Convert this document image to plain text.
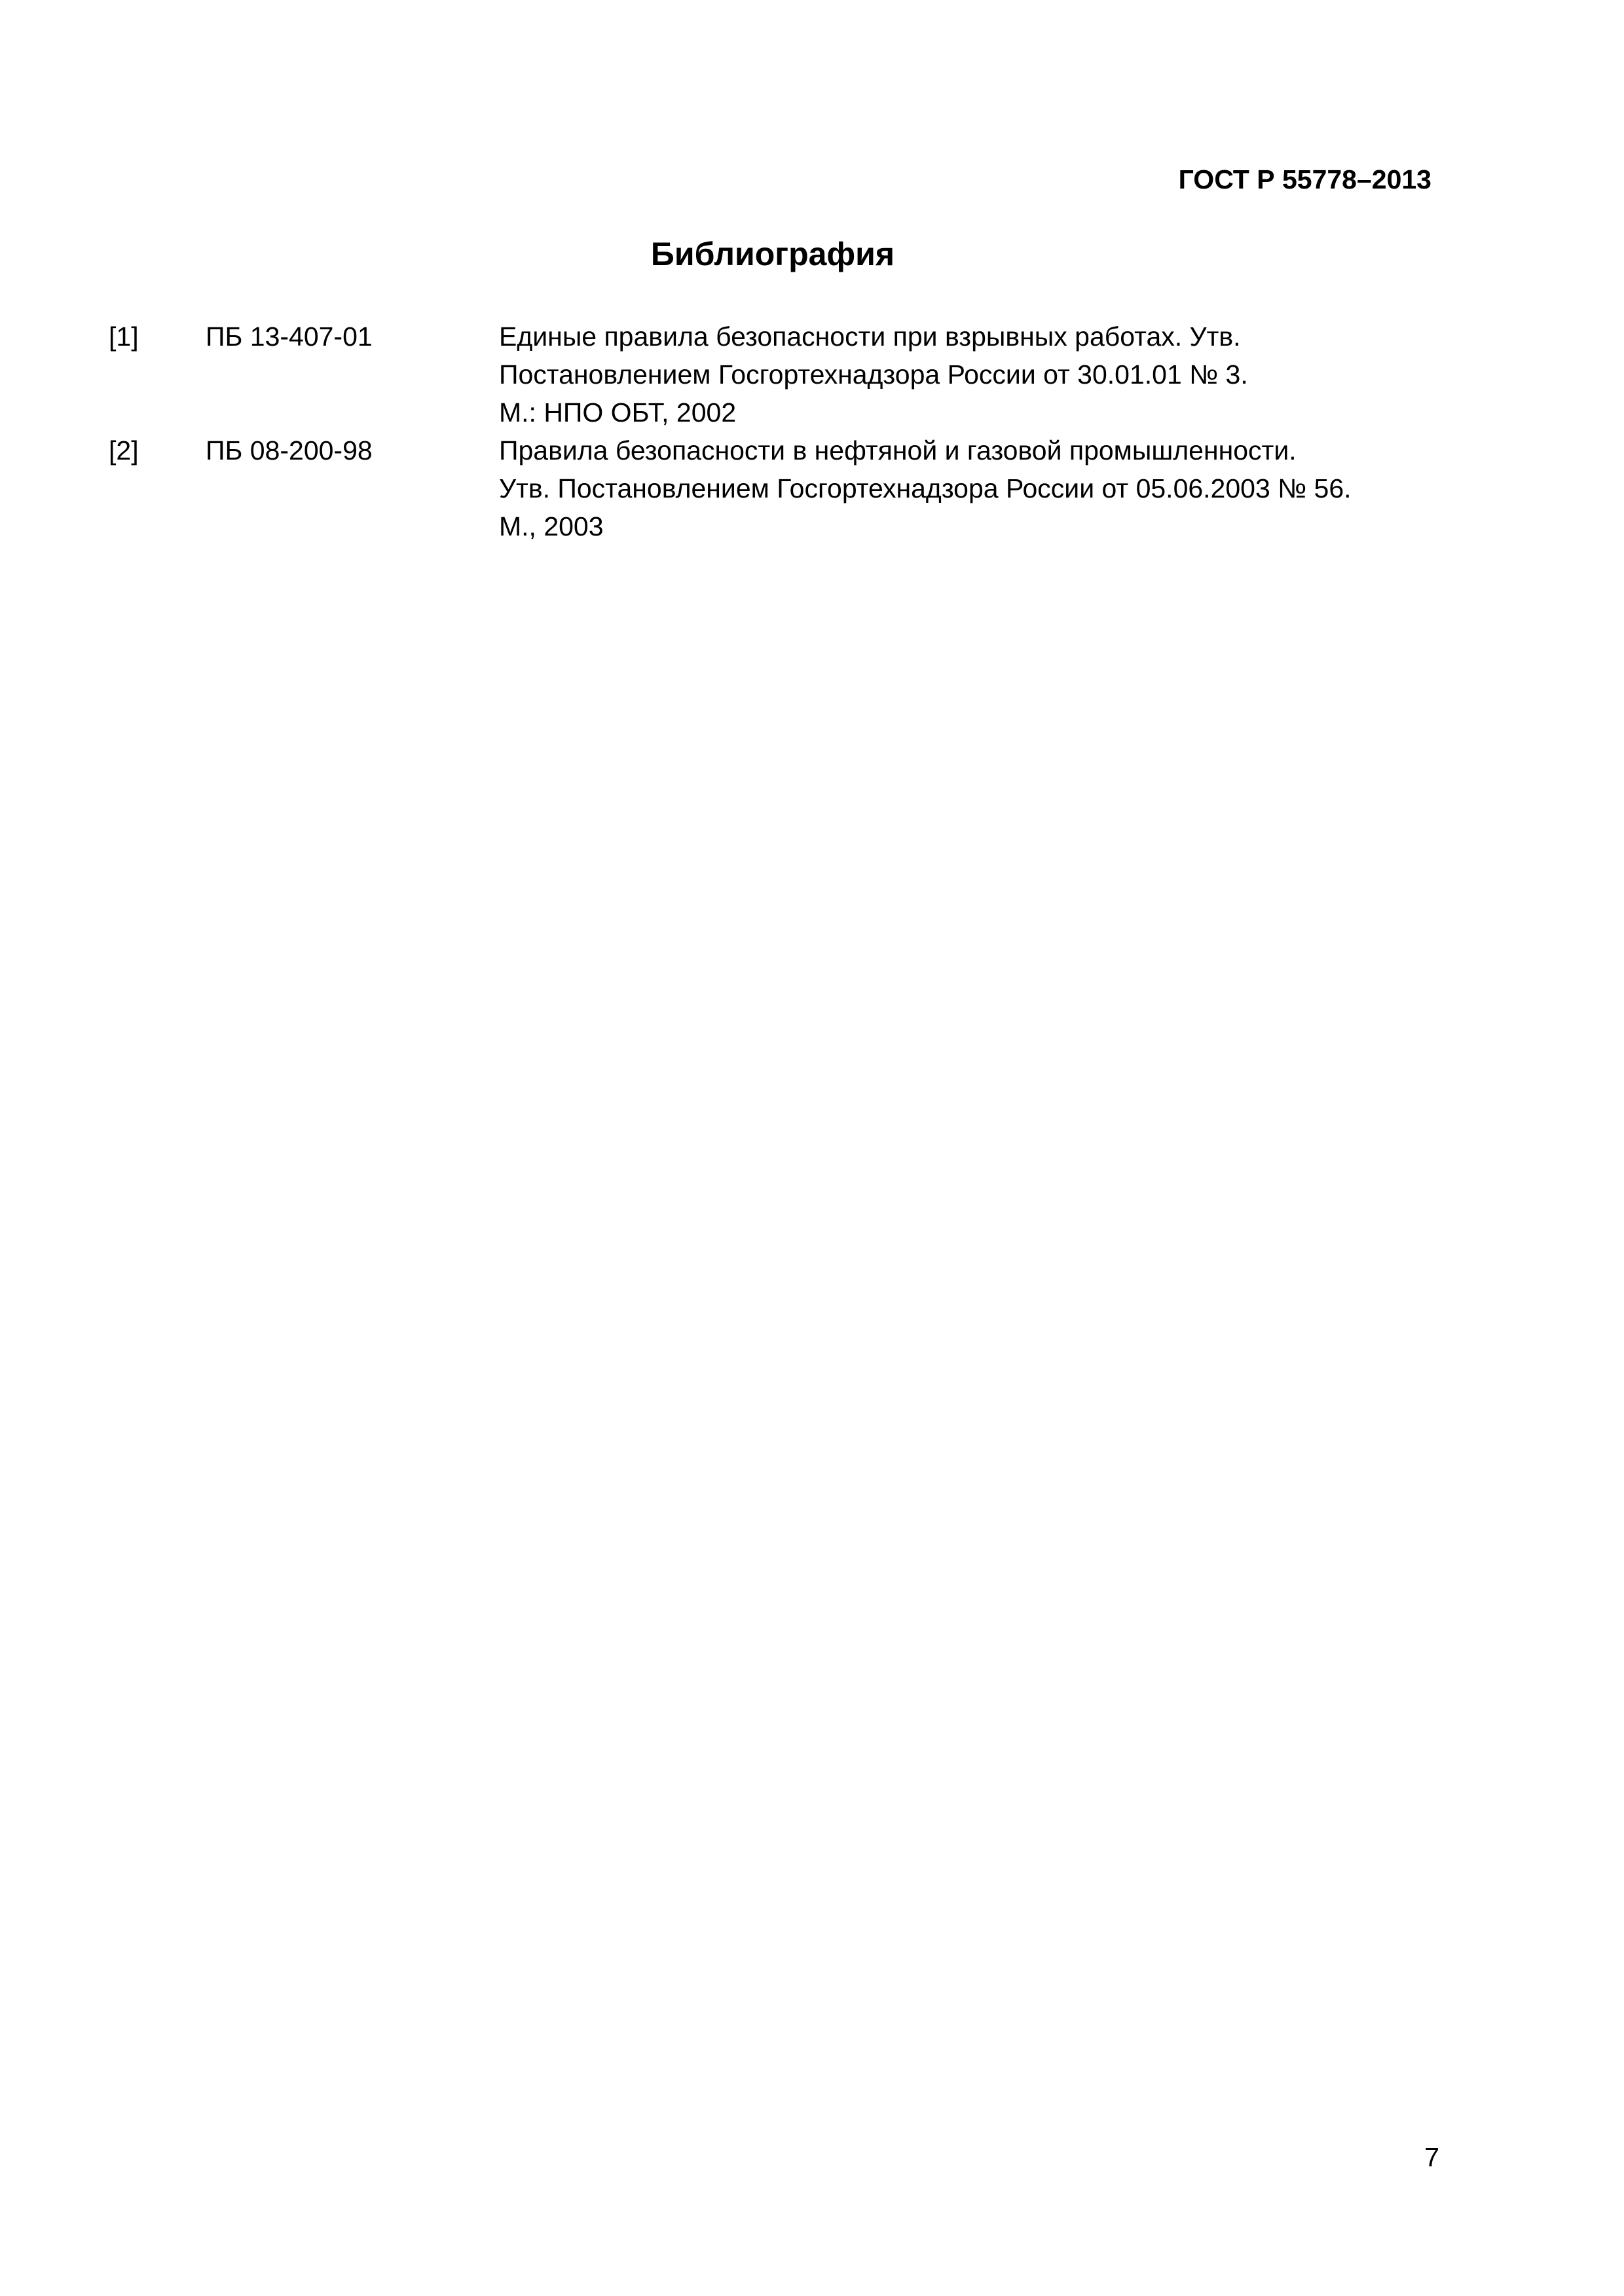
ГОСТ Р 55778–2013
Библиография
[1] ПБ 13-407-01	Единые правила безопасности при взрывных работах. Утв.
Постановлением Госгортехнадзора России от 30.01.01 № 3.
М.: НПО ОБТ, 2002
[2] ПБ 08-200-98	Правила безопасности в нефтяной и газовой промышленности.
Утв. Постановлением Госгортехнадзора России от 05.06.2003 № 56.
М., 2003
7
